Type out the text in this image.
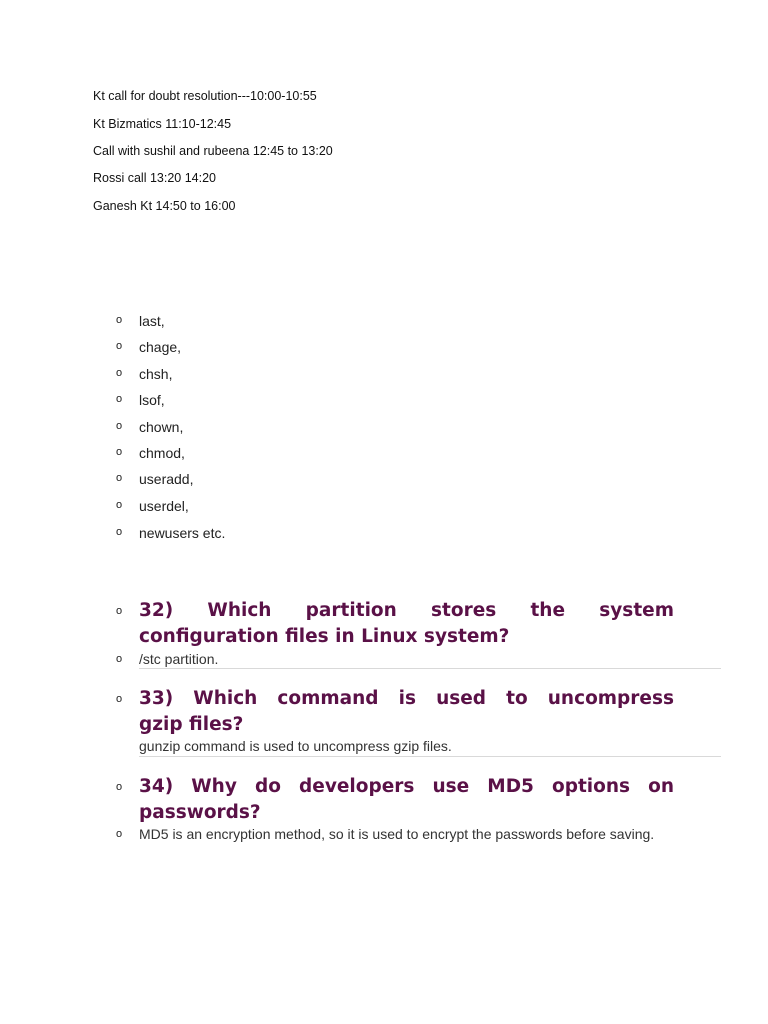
Kt call for doubt resolution---10:00-10:55
Kt Bizmatics 11:10-12:45
Call with sushil and rubeena 12:45 to 13:20
Rossi call 13:20 14:20
Ganesh Kt 14:50 to 16:00
o last,
o chage,
o chsh,
o lsof,
o chown,
o chmod,
o useradd,
o userdel,
o newusers etc.
o 32) Which partition stores the system
configuration files in Linux system?
o /stc partition.
o 33) Which command is used to uncompress
gzip files?
gunzip command is used to uncompress gzip files.
o 34) Why do developers use MD5 options on
passwords?
o MD5 is an encryption method, so it is used to encrypt the passwords before saving.
